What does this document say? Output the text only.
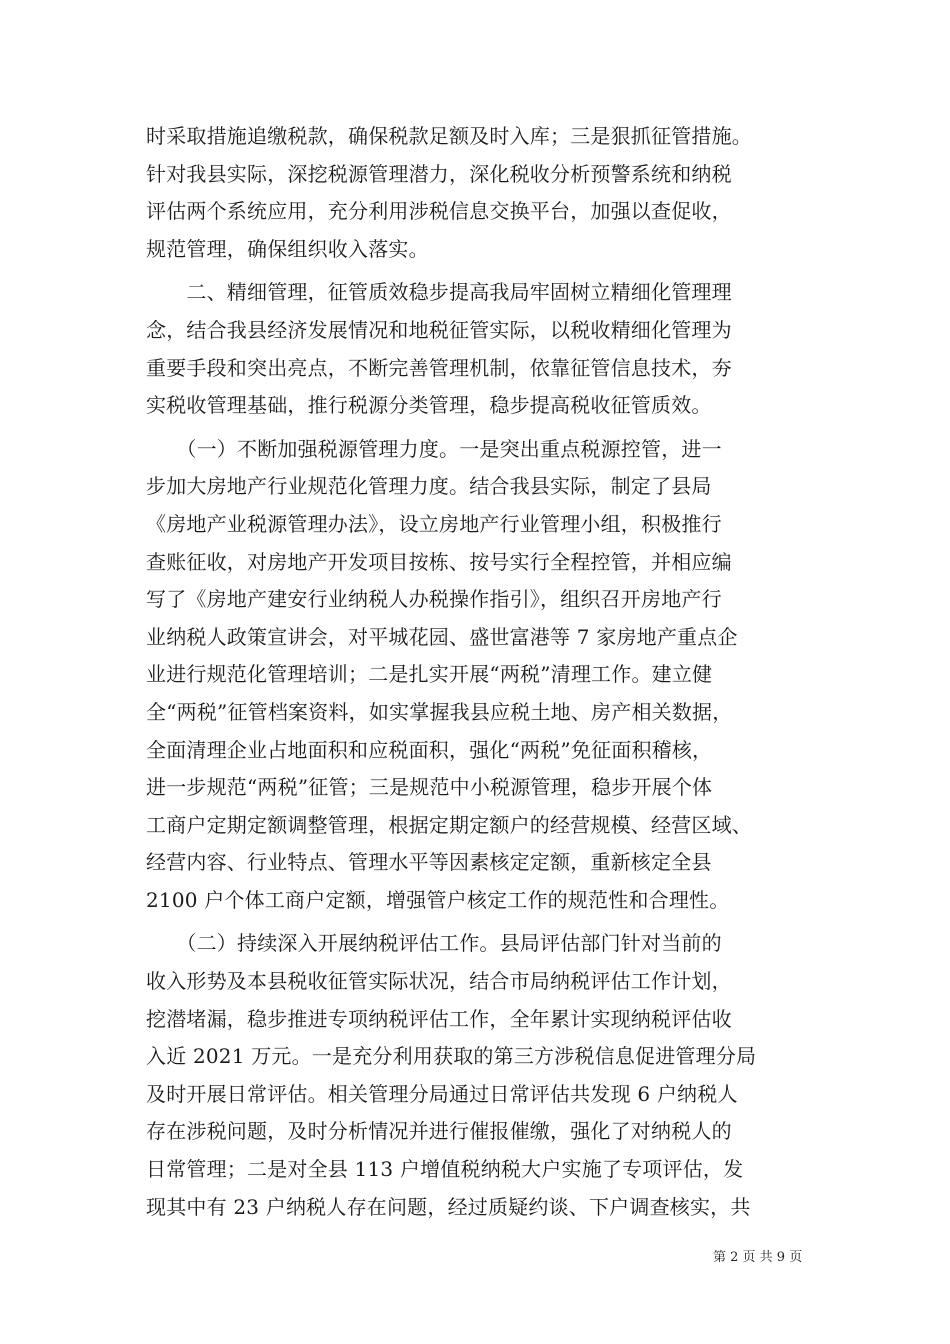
时采取措施追缴税款，确保税款足额及时入库；三是狠抓征管措施。
针对我县实际，深挖税源管理潜力，深化税收分析预警系统和纳税
评估两个系统应用，充分利用涉税信息交换平台，加强以查促收，
规范管理，确保组织收入落实。
　　二、精细管理，征管质效稳步提高我局牢固树立精细化管理理
念，结合我县经济发展情况和地税征管实际，以税收精细化管理为
重要手段和突出亮点，不断完善管理机制，依靠征管信息技术，夯
实税收管理基础，推行税源分类管理，稳步提高税收征管质效。
　　（一）不断加强税源管理力度。一是突出重点税源控管，进一
步加大房地产行业规范化管理力度。结合我县实际，制定了县局
《房地产业税源管理办法》，设立房地产行业管理小组，积极推行
查账征收，对房地产开发项目按栋、按号实行全程控管，并相应编
写了《房地产建安行业纳税人办税操作指引》，组织召开房地产行
业纳税人政策宣讲会，对平城花园、盛世富港等 7 家房地产重点企
业进行规范化管理培训；二是扎实开展“两税”清理工作。建立健
全“两税”征管档案资料，如实掌握我县应税土地、房产相关数据，
全面清理企业占地面积和应税面积，强化“两税”免征面积稽核，
进一步规范“两税”征管；三是规范中小税源管理，稳步开展个体
工商户定期定额调整管理，根据定期定额户的经营规模、经营区域、
经营内容、行业特点、管理水平等因素核定定额，重新核定全县
2100 户个体工商户定额，增强管户核定工作的规范性和合理性。
　　（二）持续深入开展纳税评估工作。县局评估部门针对当前的
收入形势及本县税收征管实际状况，结合市局纳税评估工作计划，
挖潜堵漏，稳步推进专项纳税评估工作，全年累计实现纳税评估收
入近 2021 万元。一是充分利用获取的第三方涉税信息促进管理分局
及时开展日常评估。相关管理分局通过日常评估共发现 6 户纳税人
存在涉税问题，及时分析情况并进行催报催缴，强化了对纳税人的
日常管理；二是对全县 113 户增值税纳税大户实施了专项评估，发
现其中有 23 户纳税人存在问题，经过质疑约谈、下户调查核实，共
第 2 页 共 9 页
